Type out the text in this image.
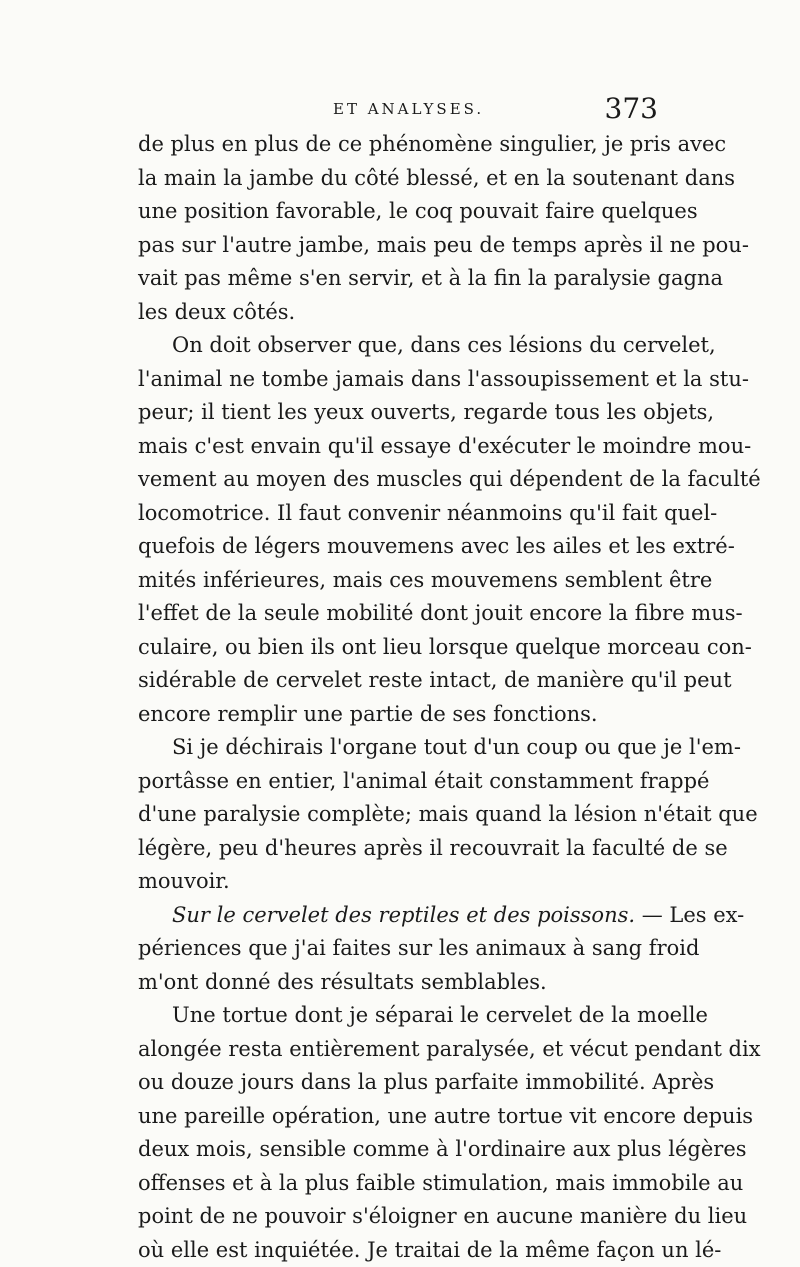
ET ANALYSES.	373
de plus en plus de ce phénomène singulier, je pris avec
la main la jambe du côté blessé, et en la soutenant dans
une position favorable, le coq pouvait faire quelques
pas sur l'autre jambe, mais peu de temps après il ne pou-
vait pas même s'en servir, et à la fin la paralysie gagna
les deux côtés.
On doit observer que, dans ces lésions du cervelet,
l'animal ne tombe jamais dans l'assoupissement et la stu-
peur; il tient les yeux ouverts, regarde tous les objets,
mais c'est envain qu'il essaye d'exécuter le moindre mou-
vement au moyen des muscles qui dépendent de la faculté
locomotrice. Il faut convenir néanmoins qu'il fait quel-
quefois de légers mouvemens avec les ailes et les extré-
mités inférieures, mais ces mouvemens semblent être
l'effet de la seule mobilité dont jouit encore la fibre mus-
culaire, ou bien ils ont lieu lorsque quelque morceau con-
sidérable de cervelet reste intact, de manière qu'il peut
encore remplir une partie de ses fonctions.
Si je déchirais l'organe tout d'un coup ou que je l'em-
portâsse en entier, l'animal était constamment frappé
d'une paralysie complète; mais quand la lésion n'était que
légère, peu d'heures après il recouvrait la faculté de se
mouvoir.
Sur le cervelet des reptiles et des poissons. — Les ex-
périences que j'ai faites sur les animaux à sang froid
m'ont donné des résultats semblables.
Une tortue dont je séparai le cervelet de la moelle
alongée resta entièrement paralysée, et vécut pendant dix
ou douze jours dans la plus parfaite immobilité. Après
une pareille opération, une autre tortue vit encore depuis
deux mois, sensible comme à l'ordinaire aux plus légères
offenses et à la plus faible stimulation, mais immobile au
point de ne pouvoir s'éloigner en aucune manière du lieu
où elle est inquiétée. Je traitai de la même façon un lé-
